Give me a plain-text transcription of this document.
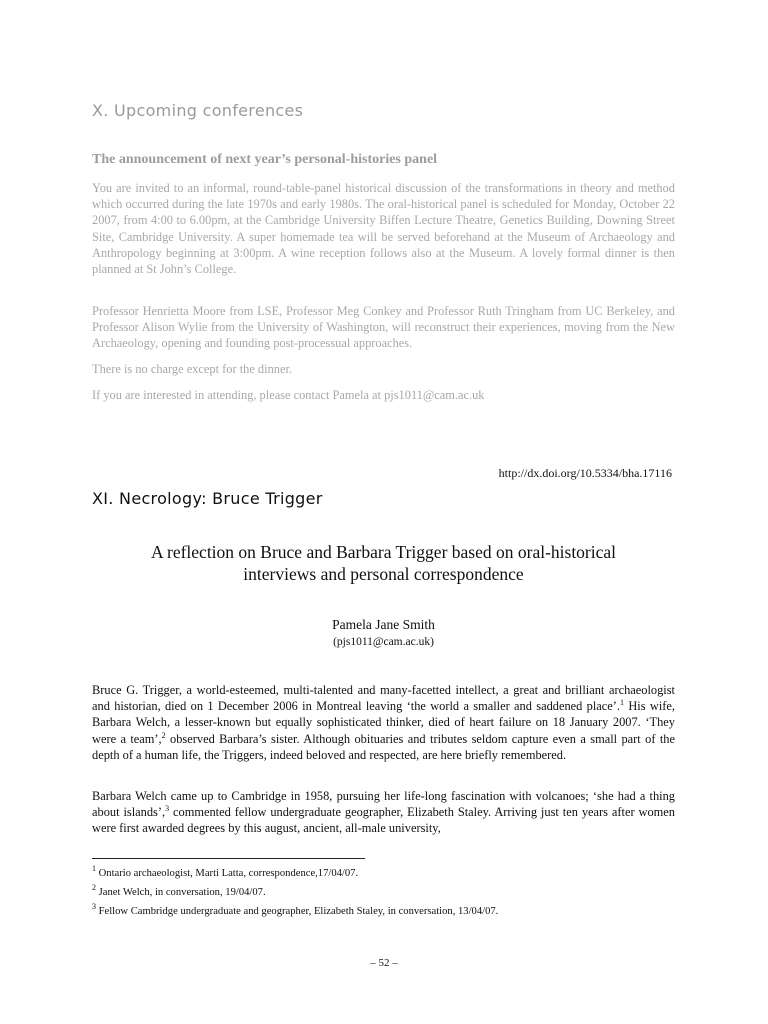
X. Upcoming conferences
The announcement of next year’s personal-histories panel

You are invited to an informal, round-table-panel historical discussion of the transformations in theory and method which occurred during the late 1970s and early 1980s. The oral-historical panel is scheduled for Monday, October 22 2007, from 4:00 to 6.00pm, at the Cambridge University Biffen Lecture Theatre, Genetics Building, Downing Street Site, Cambridge University. A super homemade tea will be served beforehand at the Museum of Archaeology and Anthropology beginning at 3:00pm. A wine reception follows also at the Museum. A lovely formal dinner is then planned at St John’s College.

Professor Henrietta Moore from LSE, Professor Meg Conkey and Professor Ruth Tringham from UC Berkeley, and Professor Alison Wylie from the University of Washington, will reconstruct their experiences, moving from the New Archaeology, opening and founding post-processual approaches.

There is no charge except for the dinner.

If you are interested in attending, please contact Pamela at pjs1011@cam.ac.uk

http://dx.doi.org/10.5334/bha.17116
XI. Necrology: Bruce Trigger
A reflection on Bruce and Barbara Trigger based on oral-historical
interviews and personal correspondence
Pamela Jane Smith
(pjs1011@cam.ac.uk)

Bruce G. Trigger, a world-esteemed, multi-talented and many-facetted intellect, a great and brilliant archaeologist and historian, died on 1 December 2006 in Montreal leaving ‘the world a smaller and saddened place’.$^1$ His wife, Barbara Welch, a lesser-known but equally sophisticated thinker, died of heart failure on 18 January 2007. ‘They were a team’,$^2$ observed Barbara’s sister. Although obituaries and tributes seldom capture even a small part of the depth of a human life, the Triggers, indeed beloved and respected, are here briefly remembered.

Barbara Welch came up to Cambridge in 1958, pursuing her life-long fascination with volcanoes; ‘she had a thing about islands’,$^3$ commented fellow undergraduate geographer, Elizabeth Staley. Arriving just ten years after women were first awarded degrees by this august, ancient, all-male university,

$^1$ Ontario archaeologist, Marti Latta, correspondence,17/04/07.
$^2$ Janet Welch, in conversation, 19/04/07.
$^3$ Fellow Cambridge undergraduate and geographer, Elizabeth Staley, in conversation, 13/04/07.
– 52 –
